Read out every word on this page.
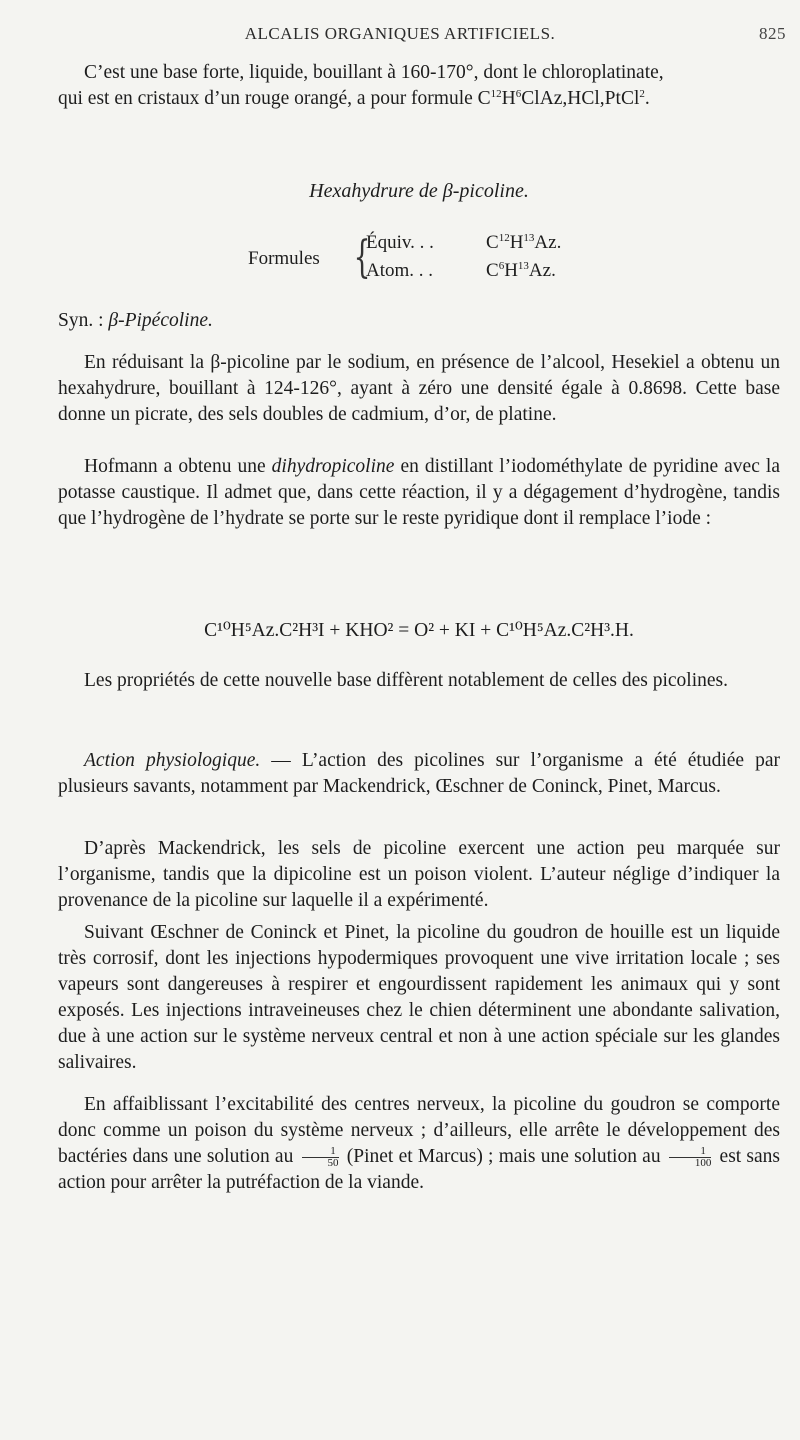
ALCALIS ORGANIQUES ARTIFICIELS.	825
C’est une base forte, liquide, bouillant à 160-170°, dont le chloroplatinate,
qui est en cristaux d’un rouge orangé, a pour formule $C^{12}H^6ClAz,HCl,PtCl^2$.
Hexahydrure de β-picoline.
Formules {
Équiv. . .
Atom. . .
$C^{12}H^{13}Az$.
$C^6H^{13}Az$.
Syn. : β-Pipécoline.
En réduisant la β-picoline par le sodium, en présence de l’alcool, Hesekiel a obtenu un hexahydrure, bouillant à 124-126°, ayant à zéro une densité égale à 0.8698. Cette base donne un picrate, des sels doubles de cadmium, d’or, de platine.
Hofmann a obtenu une dihydropicoline en distillant l’iodométhylate de pyridine avec la potasse caustique. Il admet que, dans cette réaction, il y a dégagement d’hydrogène, tandis que l’hydrogène de l’hydrate se porte sur le reste pyridique dont il remplace l’iode :
C¹⁰H⁵Az.C²H³I + KHO² = O² + KI + C¹⁰H⁵Az.C²H³.H.
Les propriétés de cette nouvelle base diffèrent notablement de celles des picolines.
Action physiologique. — L’action des picolines sur l’organisme a été étudiée par plusieurs savants, notamment par Mackendrick, Œschner de Coninck, Pinet, Marcus.
D’après Mackendrick, les sels de picoline exercent une action peu marquée sur l’organisme, tandis que la dipicoline est un poison violent. L’auteur néglige d’indiquer la provenance de la picoline sur laquelle il a expérimenté.
Suivant Œschner de Coninck et Pinet, la picoline du goudron de houille est un liquide très corrosif, dont les injections hypodermiques provoquent une vive irritation locale ; ses vapeurs sont dangereuses à respirer et engourdissent rapidement les animaux qui y sont exposés. Les injections intraveineuses chez le chien déterminent une abondante salivation, due à une action sur le système nerveux central et non à une action spéciale sur les glandes salivaires.
En affaiblissant l’excitabilité des centres nerveux, la picoline du goudron se comporte donc comme un poison du système nerveux ; d’ailleurs, elle arrête le développement des bactéries dans une solution au $\frac{1}{50}$ (Pinet et Marcus) ; mais une solution au $\frac{1}{100}$ est sans action pour arrêter la putréfaction de la viande.
